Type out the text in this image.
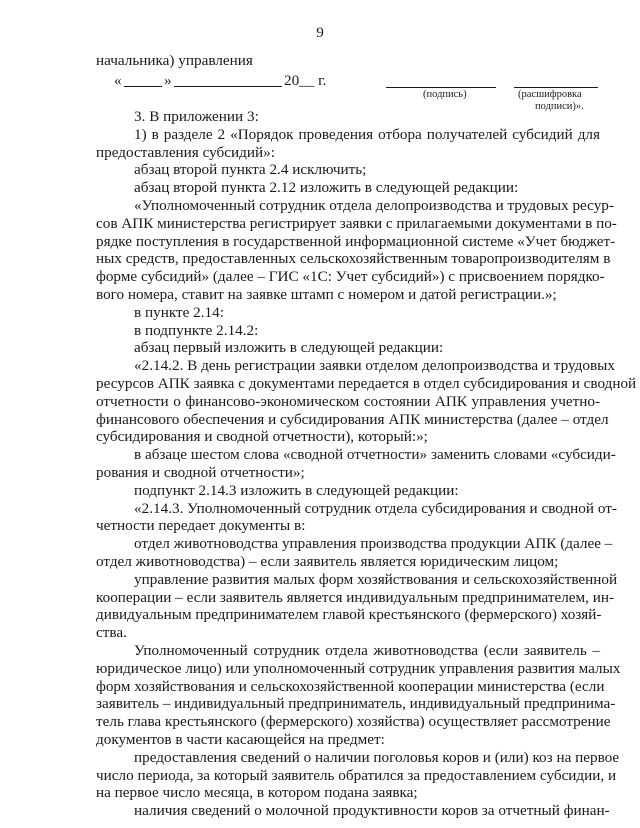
9
начальника) управления
«	»	20__ г.
(подпись)	(расшифровка
подписи)».
3. В приложении 3:
1) в разделе 2 «Порядок проведения отбора получателей субсидий для
предоставления субсидий»:
абзац второй пункта 2.4 исключить;
абзац второй пункта 2.12 изложить в следующей редакции:
«Уполномоченный сотрудник отдела делопроизводства и трудовых ресур-
сов АПК министерства регистрирует заявки с прилагаемыми документами в по-
рядке поступления в государственной информационной системе «Учет бюджет-
ных средств, предоставленных сельскохозяйственным товаропроизводителям в
форме субсидий» (далее – ГИС «1С: Учет субсидий») с присвоением порядко-
вого номера, ставит на заявке штамп с номером и датой регистрации.»;
в пункте 2.14:
в подпункте 2.14.2:
абзац первый изложить в следующей редакции:
«2.14.2. В день регистрации заявки отделом делопроизводства и трудовых
ресурсов АПК заявка с документами передается в отдел субсидирования и сводной
отчетности о финансово-экономическом состоянии АПК управления учетно-
финансового обеспечения и субсидирования АПК министерства (далее – отдел
субсидирования и сводной отчетности), который:»;
в абзаце шестом слова «сводной отчетности» заменить словами «субсиди-
рования и сводной отчетности»;
подпункт 2.14.3 изложить в следующей редакции:
«2.14.3. Уполномоченный сотрудник отдела субсидирования и сводной от-
четности передает документы в:
отдел животноводства управления производства продукции АПК (далее –
отдел животноводства) – если заявитель является юридическим лицом;
управление развития малых форм хозяйствования и сельскохозяйственной
кооперации – если заявитель является индивидуальным предпринимателем, ин-
дивидуальным предпринимателем главой крестьянского (фермерского) хозяй-
ства.
Уполномоченный сотрудник отдела животноводства (если заявитель –
юридическое лицо) или уполномоченный сотрудник управления развития малых
форм хозяйствования и сельскохозяйственной кооперации министерства (если
заявитель – индивидуальный предприниматель, индивидуальный предпринима-
тель глава крестьянского (фермерского) хозяйства) осуществляет рассмотрение
документов в части касающейся на предмет:
предоставления сведений о наличии поголовья коров и (или) коз на первое
число периода, за который заявитель обратился за предоставлением субсидии, и
на первое число месяца, в котором подана заявка;
наличия сведений о молочной продуктивности коров за отчетный финан-
